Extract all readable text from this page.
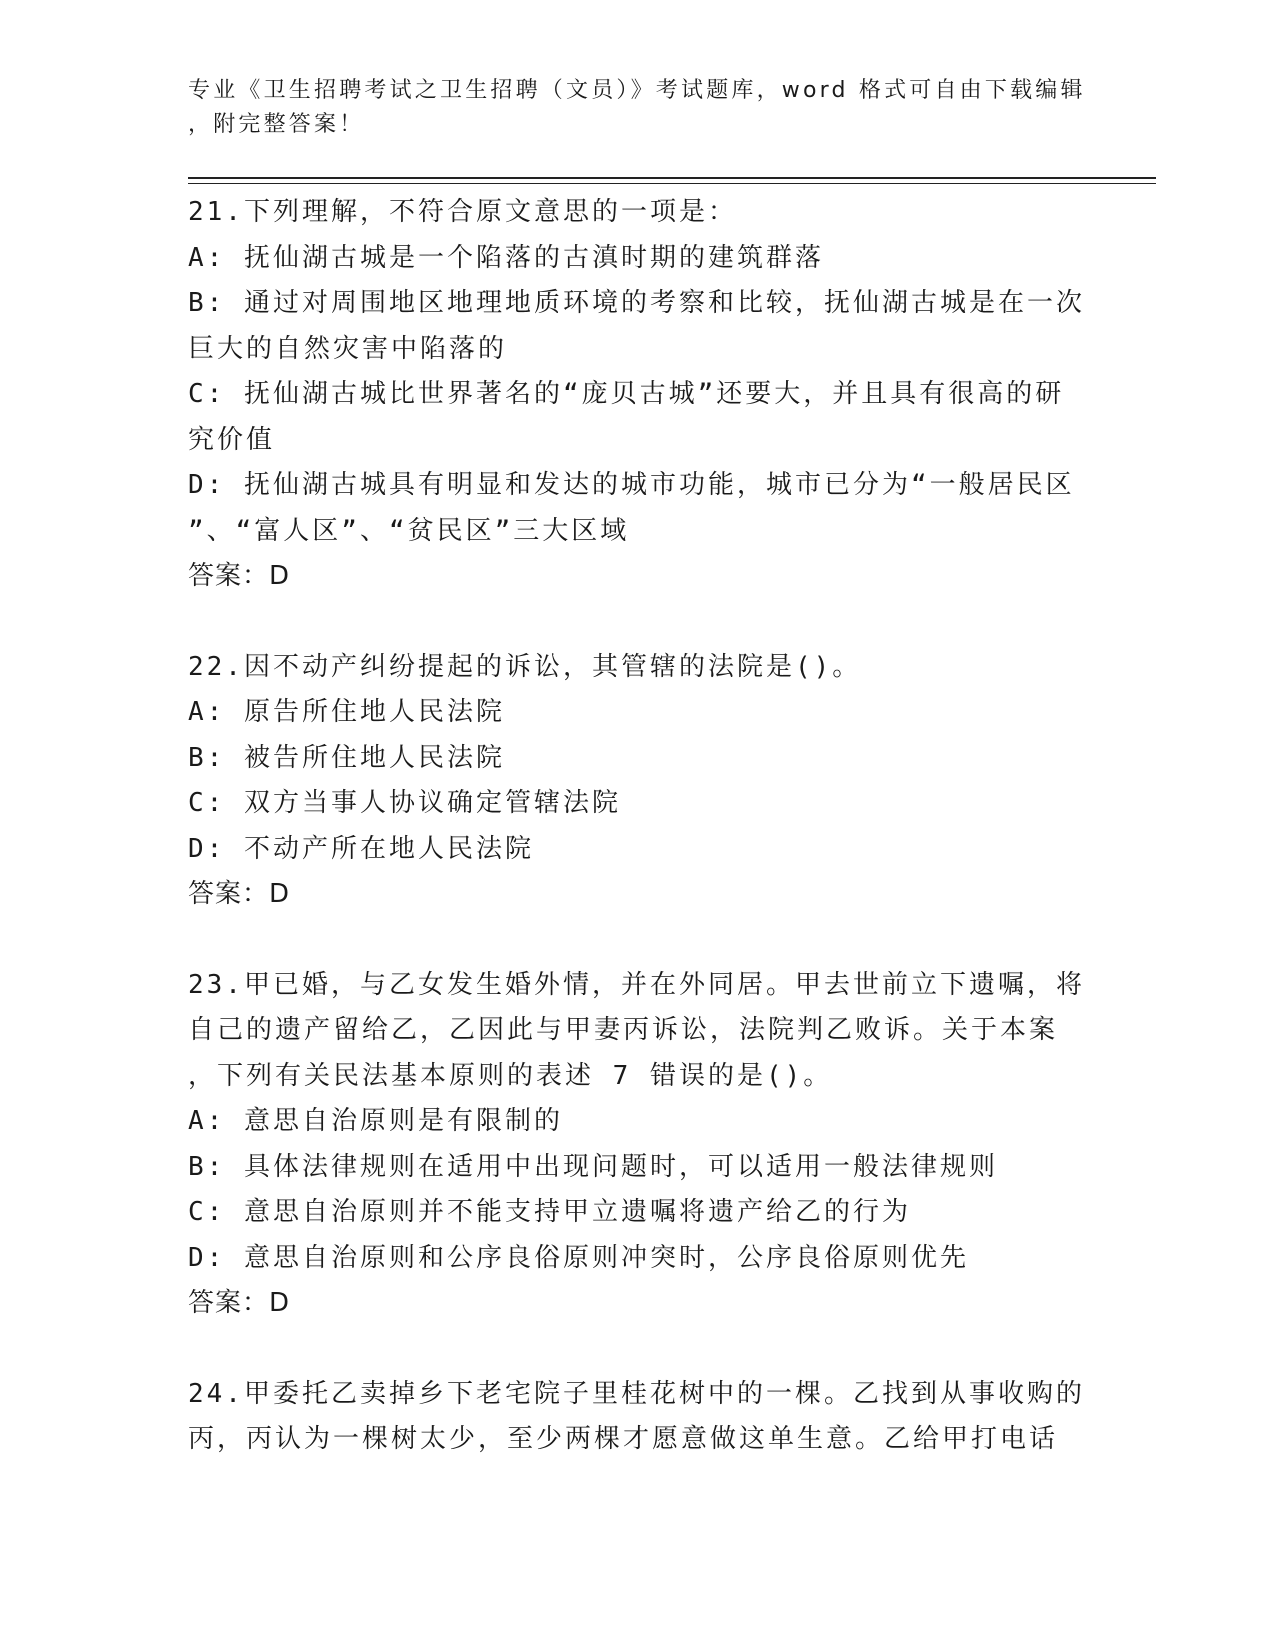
专业《卫生招聘考试之卫生招聘（文员）》考试题库，word 格式可自由下载编辑
，附完整答案！
21.下列理解，不符合原文意思的一项是：
A: 抚仙湖古城是一个陷落的古滇时期的建筑群落
B: 通过对周围地区地理地质环境的考察和比较，抚仙湖古城是在一次
巨大的自然灾害中陷落的
C: 抚仙湖古城比世界著名的“庞贝古城”还要大，并且具有很高的研
究价值
D: 抚仙湖古城具有明显和发达的城市功能，城市已分为“一般居民区
”、“富人区”、“贫民区”三大区域
答案：D
22.因不动产纠纷提起的诉讼，其管辖的法院是()。
A: 原告所住地人民法院
B: 被告所住地人民法院
C: 双方当事人协议确定管辖法院
D: 不动产所在地人民法院
答案：D
23.甲已婚，与乙女发生婚外情，并在外同居。甲去世前立下遗嘱，将
自己的遗产留给乙，乙因此与甲妻丙诉讼，法院判乙败诉。关于本案
，下列有关民法基本原则的表述 7 错误的是()。
A: 意思自治原则是有限制的
B: 具体法律规则在适用中出现问题时，可以适用一般法律规则
C: 意思自治原则并不能支持甲立遗嘱将遗产给乙的行为
D: 意思自治原则和公序良俗原则冲突时，公序良俗原则优先
答案：D
24.甲委托乙卖掉乡下老宅院子里桂花树中的一棵。乙找到从事收购的
丙，丙认为一棵树太少，至少两棵才愿意做这单生意。乙给甲打电话
